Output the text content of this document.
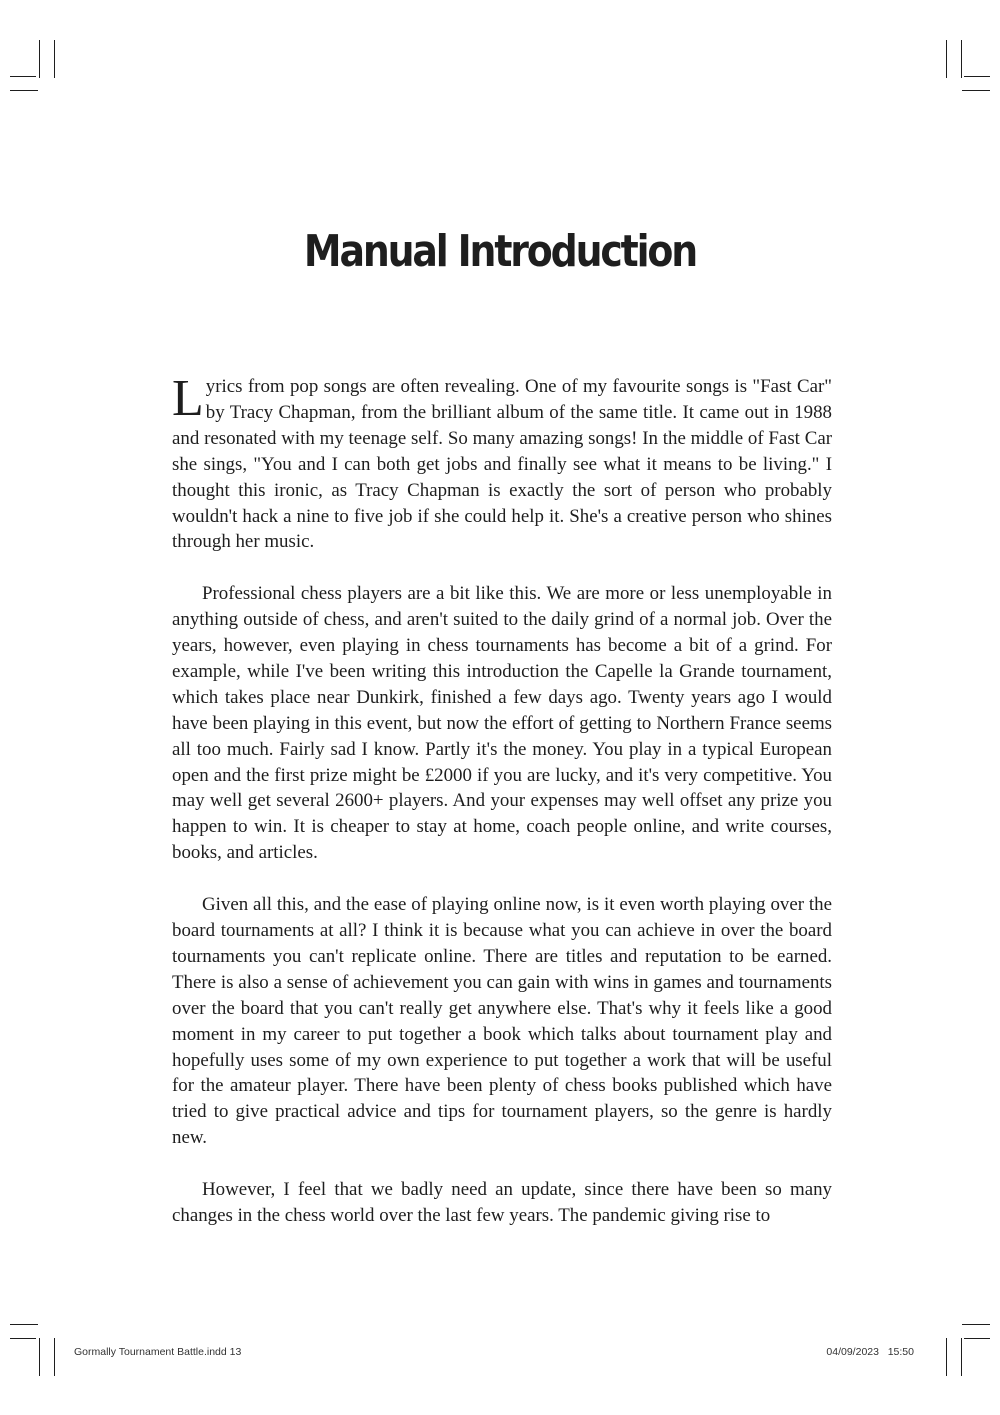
Manual Introduction

Lyrics from pop songs are often revealing. One of my favourite songs is "Fast Car" by Tracy Chapman, from the brilliant album of the same title. It came out in 1988 and resonated with my teenage self. So many amazing songs! In the middle of Fast Car she sings, "You and I can both get jobs and finally see what it means to be living." I thought this ironic, as Tracy Chapman is exactly the sort of person who probably wouldn't hack a nine to five job if she could help it. She's a creative person who shines through her music.

Professional chess players are a bit like this. We are more or less unemployable in anything outside of chess, and aren't suited to the daily grind of a normal job. Over the years, however, even playing in chess tournaments has become a bit of a grind. For example, while I've been writing this introduction the Capelle la Grande tournament, which takes place near Dunkirk, finished a few days ago. Twenty years ago I would have been playing in this event, but now the effort of getting to Northern France seems all too much. Fairly sad I know. Partly it's the money. You play in a typical European open and the first prize might be £2000 if you are lucky, and it's very competitive. You may well get several 2600+ players. And your expenses may well offset any prize you happen to win. It is cheaper to stay at home, coach people online, and write courses, books, and articles.

Given all this, and the ease of playing online now, is it even worth playing over the board tournaments at all? I think it is because what you can achieve in over the board tournaments you can't replicate online. There are titles and reputation to be earned. There is also a sense of achievement you can gain with wins in games and tournaments over the board that you can't really get anywhere else. That's why it feels like a good moment in my career to put together a book which talks about tournament play and hopefully uses some of my own experience to put together a work that will be useful for the amateur player. There have been plenty of chess books published which have tried to give practical advice and tips for tournament players, so the genre is hardly new.

However, I feel that we badly need an update, since there have been so many changes in the chess world over the last few years. The pandemic giving rise to

Gormally Tournament Battle.indd 13	04/09/2023   15:50
